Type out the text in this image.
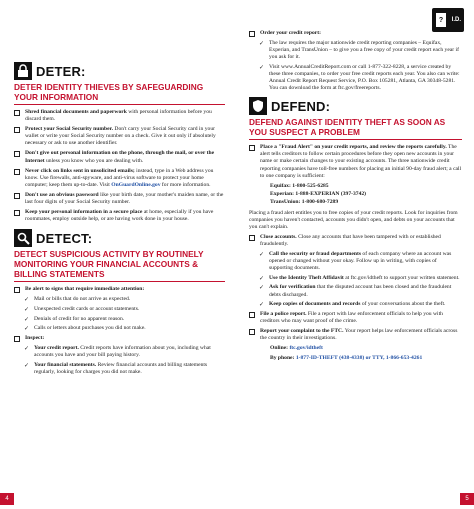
DETER:
DETER IDENTITY THIEVES BY SAFEGUARDING YOUR INFORMATION
Shred financial documents and paperwork with personal information before you discard them.
Protect your Social Security number. Don't carry your Social Security card in your wallet or write your Social Security number on a check. Give it out only if absolutely necessary or ask to use another identifier.
Don't give out personal information on the phone, through the mail, or over the Internet unless you know who you are dealing with.
Never click on links sent in unsolicited emails; instead, type in a Web address you know. Use firewalls, anti-spyware, and anti-virus software to protect your home computer; keep them up-to-date. Visit OnGuardOnline.gov for more information.
Don't use an obvious password like your birth date, your mother's maiden name, or the last four digits of your Social Security number.
Keep your personal information in a secure place at home, especially if you have roommates, employ outside help, or are having work done in your house.
DETECT:
DETECT SUSPICIOUS ACTIVITY BY ROUTINELY MONITORING YOUR FINANCIAL ACCOUNTS & BILLING STATEMENTS
Be alert to signs that require immediate attention:
✓ Mail or bills that do not arrive as expected.
✓ Unexpected credit cards or account statements.
✓ Denials of credit for no apparent reason.
✓ Calls or letters about purchases you did not make.
Inspect:
✓ Your credit report. Credit reports have information about you, including what accounts you have and your bill paying history.
✓ Your financial statements. Review financial accounts and billing statements regularly, looking for charges you did not make.
4
?	I.D.
Order your credit report:
✓ The law requires the major nationwide credit reporting companies – Equifax, Experian, and TransUnion – to give you a free copy of your credit report each year if you ask for it.
✓ Visit www.AnnualCreditReport.com or call 1-877-322-8228, a service created by these three companies, to order your free credit reports each year. You also can write: Annual Credit Report Request Service, P.O. Box 105281, Atlanta, GA 30348-5281. You can download the form at ftc.gov/freereports.
DEFEND:
DEFEND AGAINST IDENTITY THEFT AS SOON AS YOU SUSPECT A PROBLEM
Place a "Fraud Alert" on your credit reports, and review the reports carefully. The alert tells creditors to follow certain procedures before they open new accounts in your name or make certain changes to your existing accounts. The three nationwide credit reporting companies have toll-free numbers for placing an initial 90-day fraud alert; a call to one company is sufficient:
Equifax: 1-800-525-6285
Experian: 1-888-EXPERIAN (397-3742)
TransUnion: 1-800-680-7289
Placing a fraud alert entitles you to free copies of your credit reports. Look for inquiries from companies you haven't contacted, accounts you didn't open, and debts on your accounts that you can't explain.
Close accounts. Close any accounts that have been tampered with or established fraudulently.
✓ Call the security or fraud departments of each company where an account was opened or changed without your okay. Follow up in writing, with copies of supporting documents.
✓ Use the Identity Theft Affidavit at ftc.gov/idtheft to support your written statement.
✓ Ask for verification that the disputed account has been closed and the fraudulent debts discharged.
✓ Keep copies of documents and records of your conversations about the theft.
File a police report. File a report with law enforcement officials to help you with creditors who may want proof of the crime.
Report your complaint to the FTC. Your report helps law enforcement officials across the country in their investigations.
Online: ftc.gov/idtheft
By phone: 1-877-ID-THEFT (438-4338) or TTY, 1-866-653-4261
5
